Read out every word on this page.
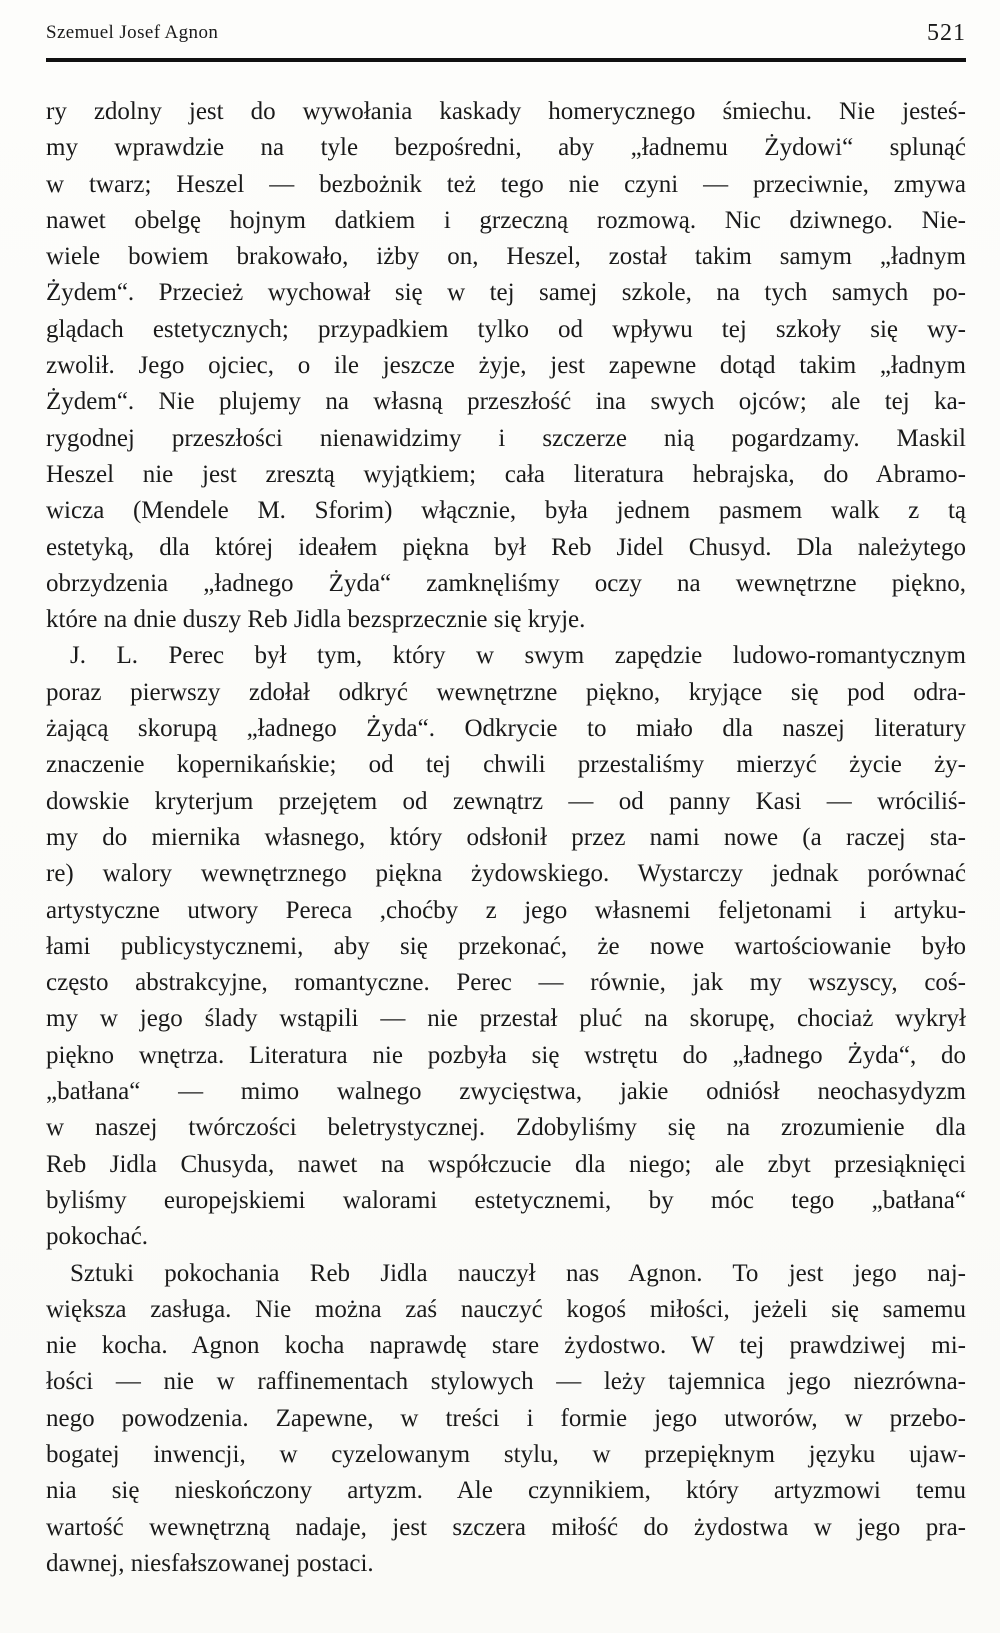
Szemuel Josef Agnon	521
ry zdolny jest do wywołania kaskady homerycznego śmiechu. Nie jesteś-
my wprawdzie na tyle bezpośredni, aby „ładnemu Żydowi“ splunąć
w twarz; Heszel — bezbożnik też tego nie czyni — przeciwnie, zmywa
nawet obelgę hojnym datkiem i grzeczną rozmową. Nic dziwnego. Nie-
wiele bowiem brakowało, iżby on, Heszel, został takim samym „ładnym
Żydem“. Przecież wychował się w tej samej szkole, na tych samych po-
glądach estetycznych; przypadkiem tylko od wpływu tej szkoły się wy-
zwolił. Jego ojciec, o ile jeszcze żyje, jest zapewne dotąd takim „ładnym
Żydem“. Nie plujemy na własną przeszłość ina swych ojców; ale tej ka-
rygodnej przeszłości nienawidzimy i szczerze nią pogardzamy. Maskil
Heszel nie jest zresztą wyjątkiem; cała literatura hebrajska, do Abramo-
wicza (Mendele M. Sforim) włącznie, była jednem pasmem walk z tą
estetyką, dla której ideałem piękna był Reb Jidel Chusyd. Dla należytego
obrzydzenia „ładnego Żyda“ zamknęliśmy oczy na wewnętrzne piękno,
które na dnie duszy Reb Jidla bezsprzecznie się kryje.
J. L. Perec był tym, który w swym zapędzie ludowo-romantycznym
poraz pierwszy zdołał odkryć wewnętrzne piękno, kryjące się pod odra-
żającą skorupą „ładnego Żyda“. Odkrycie to miało dla naszej literatury
znaczenie kopernikańskie; od tej chwili przestaliśmy mierzyć życie ży-
dowskie kryterjum przejętem od zewnątrz — od panny Kasi — wróciliś-
my do miernika własnego, który odsłonił przez nami nowe (a raczej sta-
re) walory wewnętrznego piękna żydowskiego. Wystarczy jednak porównać
artystyczne utwory Pereca ,choćby z jego własnemi feljetonami i artyku-
łami publicystycznemi, aby się przekonać, że nowe wartościowanie było
często abstrakcyjne, romantyczne. Perec — równie, jak my wszyscy, coś-
my w jego ślady wstąpili — nie przestał pluć na skorupę, chociaż wykrył
piękno wnętrza. Literatura nie pozbyła się wstrętu do „ładnego Żyda“, do
„batłana“ — mimo walnego zwycięstwa, jakie odniósł neochasydyzm
w naszej twórczości beletrystycznej. Zdobyliśmy się na zrozumienie dla
Reb Jidla Chusyda, nawet na współczucie dla niego; ale zbyt przesiąknięci
byliśmy europejskiemi walorami estetycznemi, by móc tego „batłana“
pokochać.
Sztuki pokochania Reb Jidla nauczył nas Agnon. To jest jego naj-
większa zasługa. Nie można zaś nauczyć kogoś miłości, jeżeli się samemu
nie kocha. Agnon kocha naprawdę stare żydostwo. W tej prawdziwej mi-
łości — nie w raffinementach stylowych — leży tajemnica jego niezrówna-
nego powodzenia. Zapewne, w treści i formie jego utworów, w przebo-
bogatej inwencji, w cyzelowanym stylu, w przepięknym języku ujaw-
nia się nieskończony artyzm. Ale czynnikiem, który artyzmowi temu
wartość wewnętrzną nadaje, jest szczera miłość do żydostwa w jego pra-
dawnej, niesfałszowanej postaci.
